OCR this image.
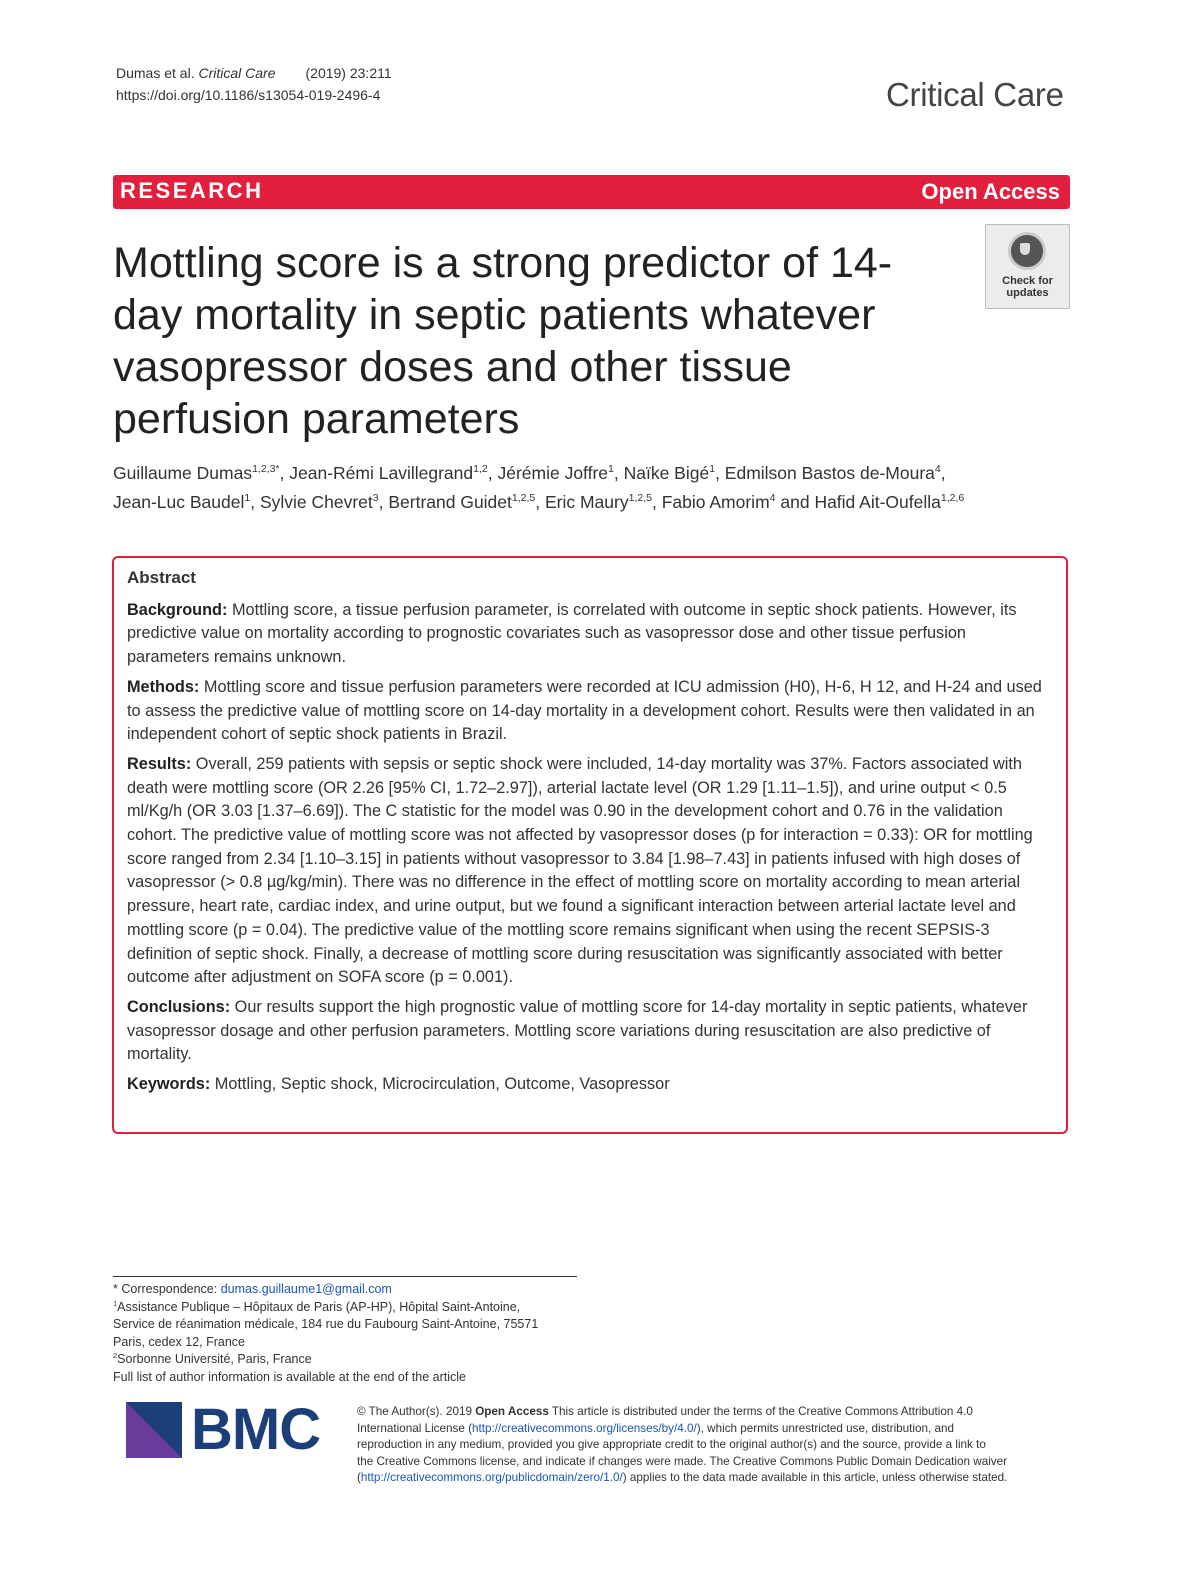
Dumas et al. Critical Care (2019) 23:211
https://doi.org/10.1186/s13054-019-2496-4	Critical Care
RESEARCH	Open Access
Mottling score is a strong predictor of 14-day mortality in septic patients whatever vasopressor doses and other tissue perfusion parameters
Check for
updates
Guillaume Dumas$^{1,2,3*}$, Jean-Rémi Lavillegrand$^{1,2}$, Jérémie Joffre$^1$, Naïke Bigé$^1$, Edmilson Bastos de-Moura$^4$,
Jean-Luc Baudel$^1$, Sylvie Chevret$^3$, Bertrand Guidet$^{1,2,5}$, Eric Maury$^{1,2,5}$, Fabio Amorim$^4$ and Hafid Ait-Oufella$^{1,2,6}$
Abstract

Background: Mottling score, a tissue perfusion parameter, is correlated with outcome in septic shock patients. However, its predictive value on mortality according to prognostic covariates such as vasopressor dose and other tissue perfusion parameters remains unknown.

Methods: Mottling score and tissue perfusion parameters were recorded at ICU admission (H0), H-6, H 12, and H-24 and used to assess the predictive value of mottling score on 14-day mortality in a development cohort. Results were then validated in an independent cohort of septic shock patients in Brazil.

Results: Overall, 259 patients with sepsis or septic shock were included, 14-day mortality was 37%. Factors associated with death were mottling score (OR 2.26 [95% CI, 1.72–2.97]), arterial lactate level (OR 1.29 [1.11–1.5]), and urine output < 0.5 ml/Kg/h (OR 3.03 [1.37–6.69]). The C statistic for the model was 0.90 in the development cohort and 0.76 in the validation cohort. The predictive value of mottling score was not affected by vasopressor doses (p for interaction = 0.33): OR for mottling score ranged from 2.34 [1.10–3.15] in patients without vasopressor to 3.84 [1.98–7.43] in patients infused with high doses of vasopressor (> 0.8 µg/kg/min). There was no difference in the effect of mottling score on mortality according to mean arterial pressure, heart rate, cardiac index, and urine output, but we found a significant interaction between arterial lactate level and mottling score (p = 0.04). The predictive value of the mottling score remains significant when using the recent SEPSIS-3 definition of septic shock. Finally, a decrease of mottling score during resuscitation was significantly associated with better outcome after adjustment on SOFA score (p = 0.001).

Conclusions: Our results support the high prognostic value of mottling score for 14-day mortality in septic patients, whatever vasopressor dosage and other perfusion parameters. Mottling score variations during resuscitation are also predictive of mortality.

Keywords: Mottling, Septic shock, Microcirculation, Outcome, Vasopressor

* Correspondence: dumas.guillaume1@gmail.com
$^1$Assistance Publique – Hôpitaux de Paris (AP-HP), Hôpital Saint-Antoine,
Service de réanimation médicale, 184 rue du Faubourg Saint-Antoine, 75571
Paris, cedex 12, France
$^2$Sorbonne Université, Paris, France
Full list of author information is available at the end of the article
BMC	© The Author(s). 2019 Open Access This article is distributed under the terms of the Creative Commons Attribution 4.0
International License (http://creativecommons.org/licenses/by/4.0/), which permits unrestricted use, distribution, and
reproduction in any medium, provided you give appropriate credit to the original author(s) and the source, provide a link to
the Creative Commons license, and indicate if changes were made. The Creative Commons Public Domain Dedication waiver
(http://creativecommons.org/publicdomain/zero/1.0/) applies to the data made available in this article, unless otherwise stated.
